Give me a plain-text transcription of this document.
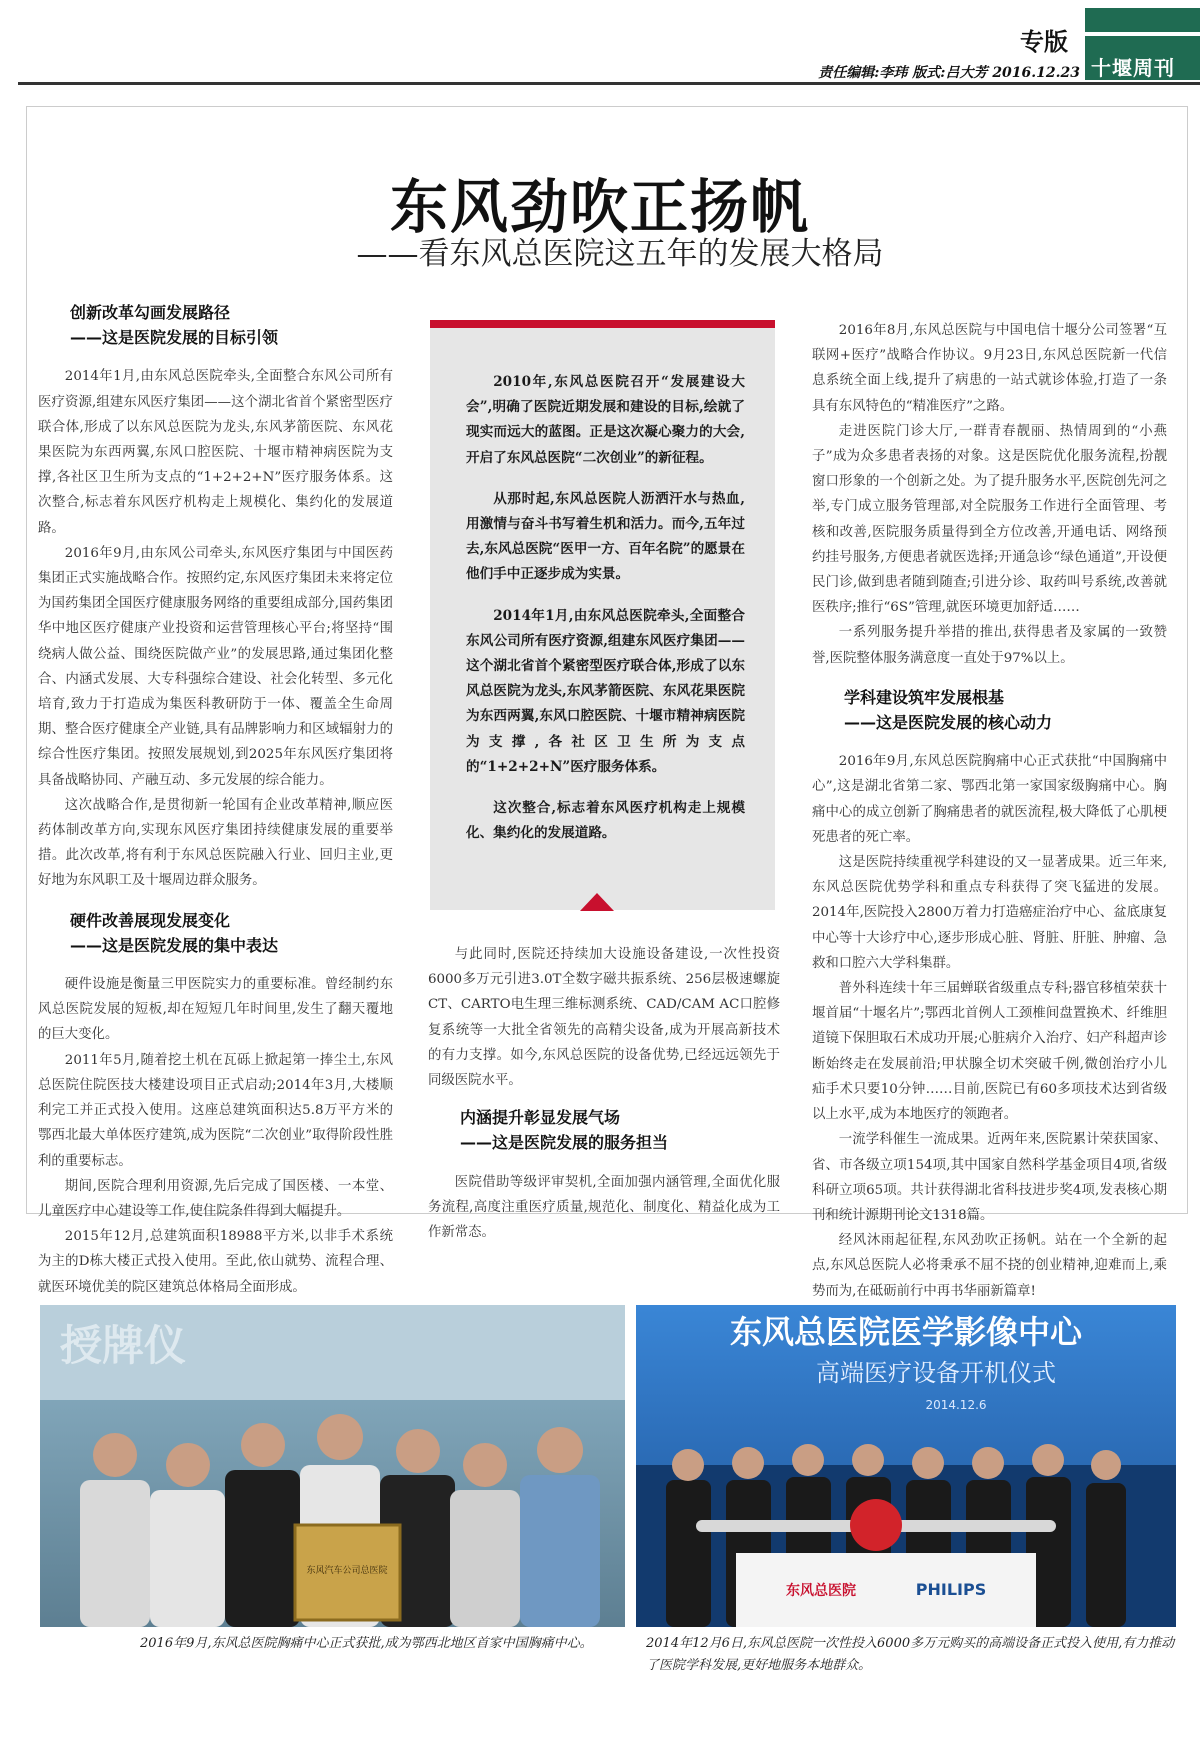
专版
十堰周刊
责任编辑:李玮 版式:吕大芳 2016.12.23
东风劲吹正扬帆
——看东风总医院这五年的发展大格局

创新改革勾画发展路径

——这是医院发展的目标引领

2014年1月,由东风总医院牵头,全面整合东风公司所有医疗资源,组建东风医疗集团——这个湖北省首个紧密型医疗联合体,形成了以东风总医院为龙头,东风茅箭医院、东风花果医院为东西两翼,东风口腔医院、十堰市精神病医院为支撑,各社区卫生所为支点的“1+2+2+N”医疗服务体系。这次整合,标志着东风医疗机构走上规模化、集约化的发展道路。

2016年9月,由东风公司牵头,东风医疗集团与中国医药集团正式实施战略合作。按照约定,东风医疗集团未来将定位为国药集团全国医疗健康服务网络的重要组成部分,国药集团华中地区医疗健康产业投资和运营管理核心平台;将坚持“围绕病人做公益、围绕医院做产业”的发展思路,通过集团化整合、内涵式发展、大专科强综合建设、社会化转型、多元化培育,致力于打造成为集医科教研防于一体、覆盖全生命周期、整合医疗健康全产业链,具有品牌影响力和区域辐射力的综合性医疗集团。按照发展规划,到2025年东风医疗集团将具备战略协同、产融互动、多元发展的综合能力。

这次战略合作,是贯彻新一轮国有企业改革精神,顺应医药体制改革方向,实现东风医疗集团持续健康发展的重要举措。此次改革,将有利于东风总医院融入行业、回归主业,更好地为东风职工及十堰周边群众服务。

硬件改善展现发展变化

——这是医院发展的集中表达

硬件设施是衡量三甲医院实力的重要标准。曾经制约东风总医院发展的短板,却在短短几年时间里,发生了翻天覆地的巨大变化。

2011年5月,随着挖土机在瓦砾上掀起第一捧尘土,东风总医院住院医技大楼建设项目正式启动;2014年3月,大楼顺利完工并正式投入使用。这座总建筑面积达5.8万平方米的鄂西北最大单体医疗建筑,成为医院“二次创业”取得阶段性胜利的重要标志。

期间,医院合理利用资源,先后完成了国医楼、一本堂、儿童医疗中心建设等工作,使住院条件得到大幅提升。

2015年12月,总建筑面积18988平方米,以非手术系统为主的D栋大楼正式投入使用。至此,依山就势、流程合理、就医环境优美的院区建筑总体格局全面形成。

2010年,东风总医院召开“发展建设大会”,明确了医院近期发展和建设的目标,绘就了现实而远大的蓝图。正是这次凝心聚力的大会,开启了东风总医院“二次创业”的新征程。

从那时起,东风总医院人沥洒汗水与热血,用激情与奋斗书写着生机和活力。而今,五年过去,东风总医院“医甲一方、百年名院”的愿景在他们手中正逐步成为实景。

2014年1月,由东风总医院牵头,全面整合东风公司所有医疗资源,组建东风医疗集团——这个湖北省首个紧密型医疗联合体,形成了以东风总医院为龙头,东风茅箭医院、东风花果医院为东西两翼,东风口腔医院、十堰市精神病医院为支撑,各社区卫生所为支点的“1+2+2+N”医疗服务体系。

这次整合,标志着东风医疗机构走上规模化、集约化的发展道路。

与此同时,医院还持续加大设施设备建设,一次性投资6000多万元引进3.0T全数字磁共振系统、256层极速螺旋CT、CARTO电生理三维标测系统、CAD/CAM AC口腔修复系统等一大批全省领先的高精尖设备,成为开展高新技术的有力支撑。如今,东风总医院的设备优势,已经远远领先于同级医院水平。

内涵提升彰显发展气场

——这是医院发展的服务担当

医院借助等级评审契机,全面加强内涵管理,全面优化服务流程,高度注重医疗质量,规范化、制度化、精益化成为工作新常态。

2016年8月,东风总医院与中国电信十堰分公司签署“互联网+医疗”战略合作协议。9月23日,东风总医院新一代信息系统全面上线,提升了病患的一站式就诊体验,打造了一条具有东风特色的“精准医疗”之路。

走进医院门诊大厅,一群青春靓丽、热情周到的“小燕子”成为众多患者表扬的对象。这是医院优化服务流程,扮靓窗口形象的一个创新之处。为了提升服务水平,医院创先河之举,专门成立服务管理部,对全院服务工作进行全面管理、考核和改善,医院服务质量得到全方位改善,开通电话、网络预约挂号服务,方便患者就医选择;开通急诊“绿色通道”,开设便民门诊,做到患者随到随查;引进分诊、取药叫号系统,改善就医秩序;推行“6S”管理,就医环境更加舒适……

一系列服务提升举措的推出,获得患者及家属的一致赞誉,医院整体服务满意度一直处于97%以上。

学科建设筑牢发展根基

——这是医院发展的核心动力

2016年9月,东风总医院胸痛中心正式获批“中国胸痛中心”,这是湖北省第二家、鄂西北第一家国家级胸痛中心。胸痛中心的成立创新了胸痛患者的就医流程,极大降低了心肌梗死患者的死亡率。

这是医院持续重视学科建设的又一显著成果。近三年来,东风总医院优势学科和重点专科获得了突飞猛进的发展。2014年,医院投入2800万着力打造癌症治疗中心、盆底康复中心等十大诊疗中心,逐步形成心脏、肾脏、肝脏、肿瘤、急救和口腔六大学科集群。

普外科连续十年三届蝉联省级重点专科;器官移植荣获十堰首届“十堰名片”;鄂西北首例人工颈椎间盘置换术、纤维胆道镜下保胆取石术成功开展;心脏病介入治疗、妇产科超声诊断始终走在发展前沿;甲状腺全切术突破千例,微创治疗小儿疝手术只要10分钟……目前,医院已有60多项技术达到省级以上水平,成为本地医疗的领跑者。

一流学科催生一流成果。近两年来,医院累计荣获国家、省、市各级立项154项,其中国家自然科学基金项目4项,省级科研立项65项。共计获得湖北省科技进步奖4项,发表核心期刊和统计源期刊论文1318篇。

经风沐雨起征程,东风劲吹正扬帆。站在一个全新的起点,东风总医院人必将秉承不屈不挠的创业精神,迎难而上,乘势而为,在砥砺前行中再书华丽新篇章!

授牌仪
东风汽车公司总医院
2016年9月,东风总医院胸痛中心正式获批,成为鄂西北地区首家中国胸痛中心。
东风总医院医学影像中心
高端医疗设备开机仪式
2014.12.6
东风总医院	PHILIPS
2014年12月6日,东风总医院一次性投入6000多万元购买的高端设备正式投入使用,有力推动了医院学科发展,更好地服务本地群众。
